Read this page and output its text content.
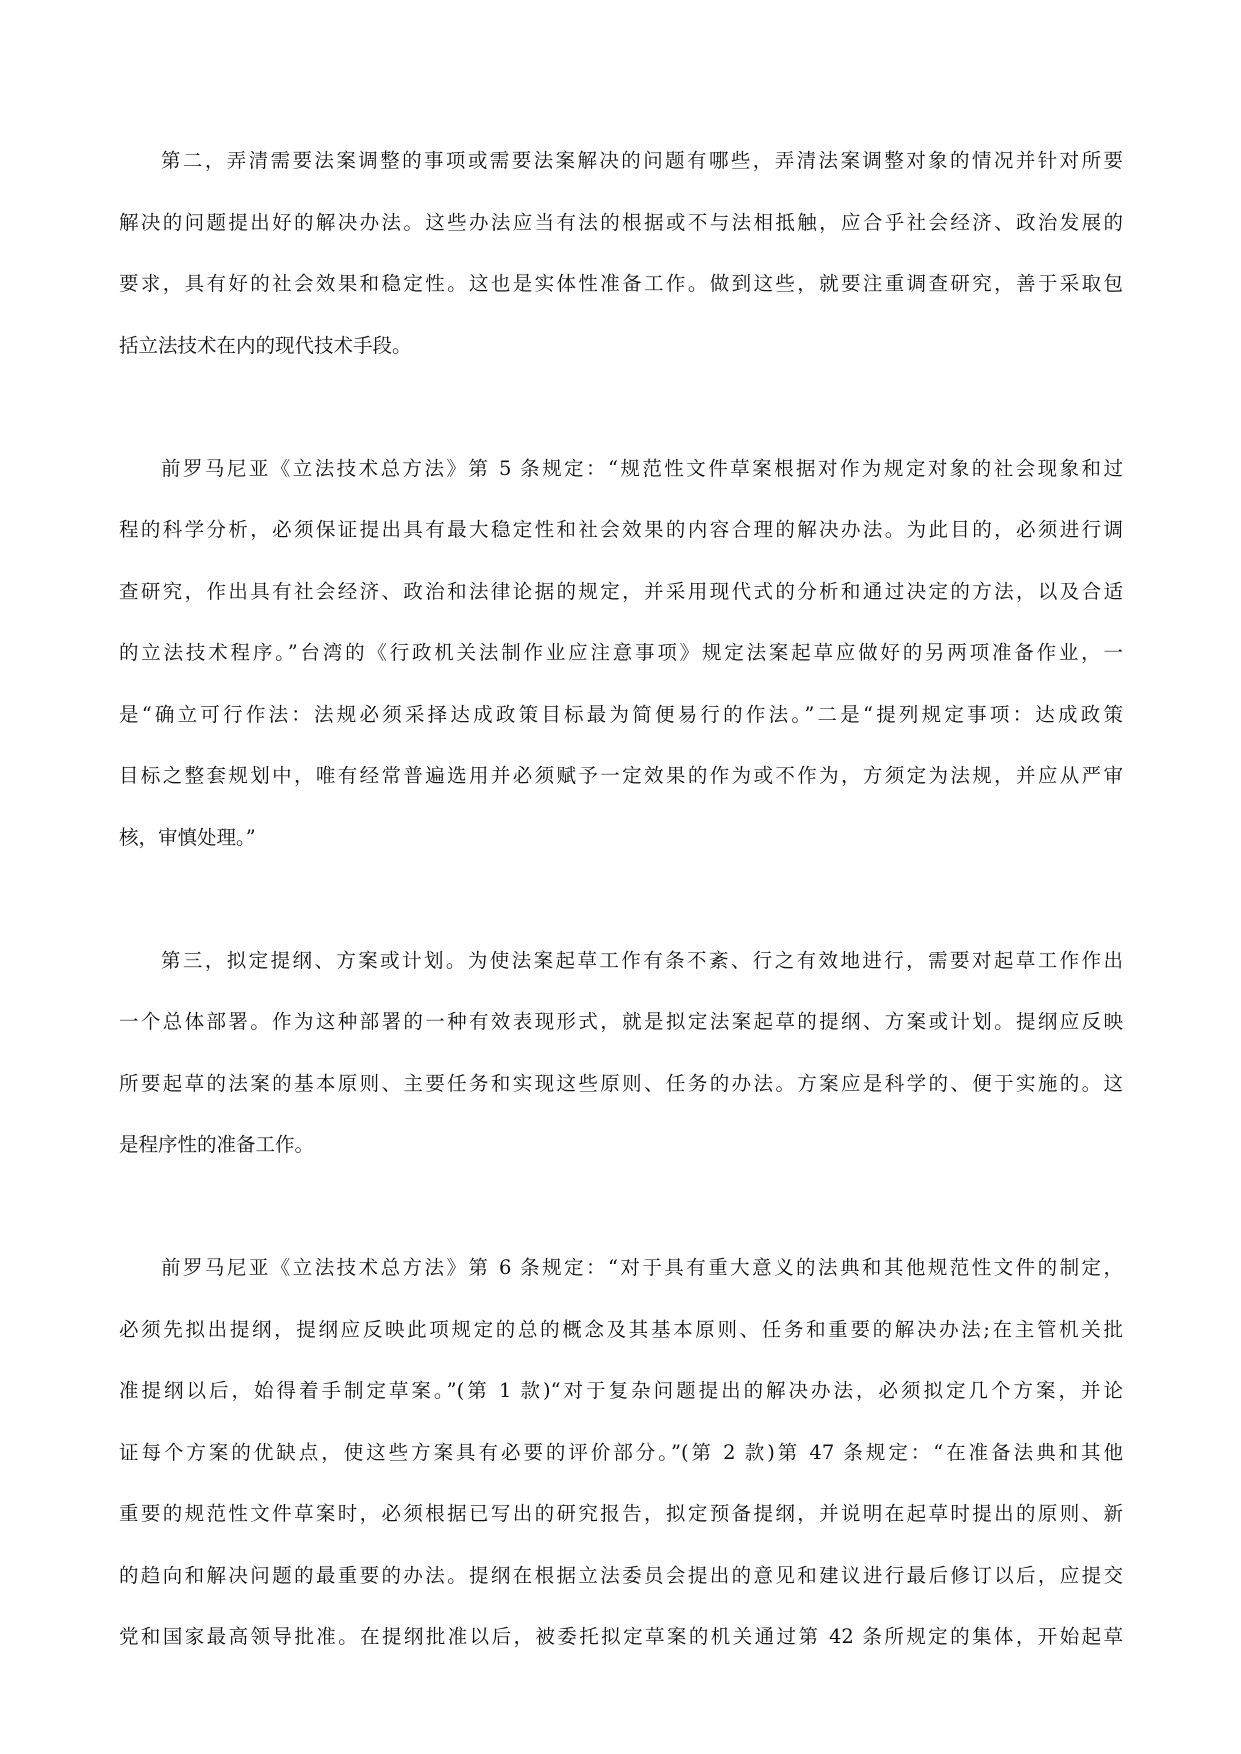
第二，弄清需要法案调整的事项或需要法案解决的问题有哪些，弄清法案调整对象的情况并针对所要
解决的问题提出好的解决办法。这些办法应当有法的根据或不与法相抵触，应合乎社会经济、政治发展的
要求，具有好的社会效果和稳定性。这也是实体性准备工作。做到这些，就要注重调查研究，善于采取包
括立法技术在内的现代技术手段。
前罗马尼亚《立法技术总方法》第 5 条规定：“规范性文件草案根据对作为规定对象的社会现象和过
程的科学分析，必须保证提出具有最大稳定性和社会效果的内容合理的解决办法。为此目的，必须进行调
查研究，作出具有社会经济、政治和法律论据的规定，并采用现代式的分析和通过决定的方法，以及合适
的立法技术程序。”台湾的《行政机关法制作业应注意事项》规定法案起草应做好的另两项准备作业，一
是“确立可行作法：法规必须采择达成政策目标最为简便易行的作法。”二是“提列规定事项：达成政策
目标之整套规划中，唯有经常普遍选用并必须赋予一定效果的作为或不作为，方须定为法规，并应从严审
核，审慎处理。”
第三，拟定提纲、方案或计划。为使法案起草工作有条不紊、行之有效地进行，需要对起草工作作出
一个总体部署。作为这种部署的一种有效表现形式，就是拟定法案起草的提纲、方案或计划。提纲应反映
所要起草的法案的基本原则、主要任务和实现这些原则、任务的办法。方案应是科学的、便于实施的。这
是程序性的准备工作。
前罗马尼亚《立法技术总方法》第 6 条规定：“对于具有重大意义的法典和其他规范性文件的制定，
必须先拟出提纲，提纲应反映此项规定的总的概念及其基本原则、任务和重要的解决办法;在主管机关批
准提纲以后，始得着手制定草案。”(第 1 款)“对于复杂问题提出的解决办法，必须拟定几个方案，并论
证每个方案的优缺点，使这些方案具有必要的评价部分。”(第 2 款)第 47 条规定：“在准备法典和其他
重要的规范性文件草案时，必须根据已写出的研究报告，拟定预备提纲，并说明在起草时提出的原则、新
的趋向和解决问题的最重要的办法。提纲在根据立法委员会提出的意见和建议进行最后修订以后，应提交
党和国家最高领导批准。在提纲批准以后，被委托拟定草案的机关通过第 42 条所规定的集体，开始起草
